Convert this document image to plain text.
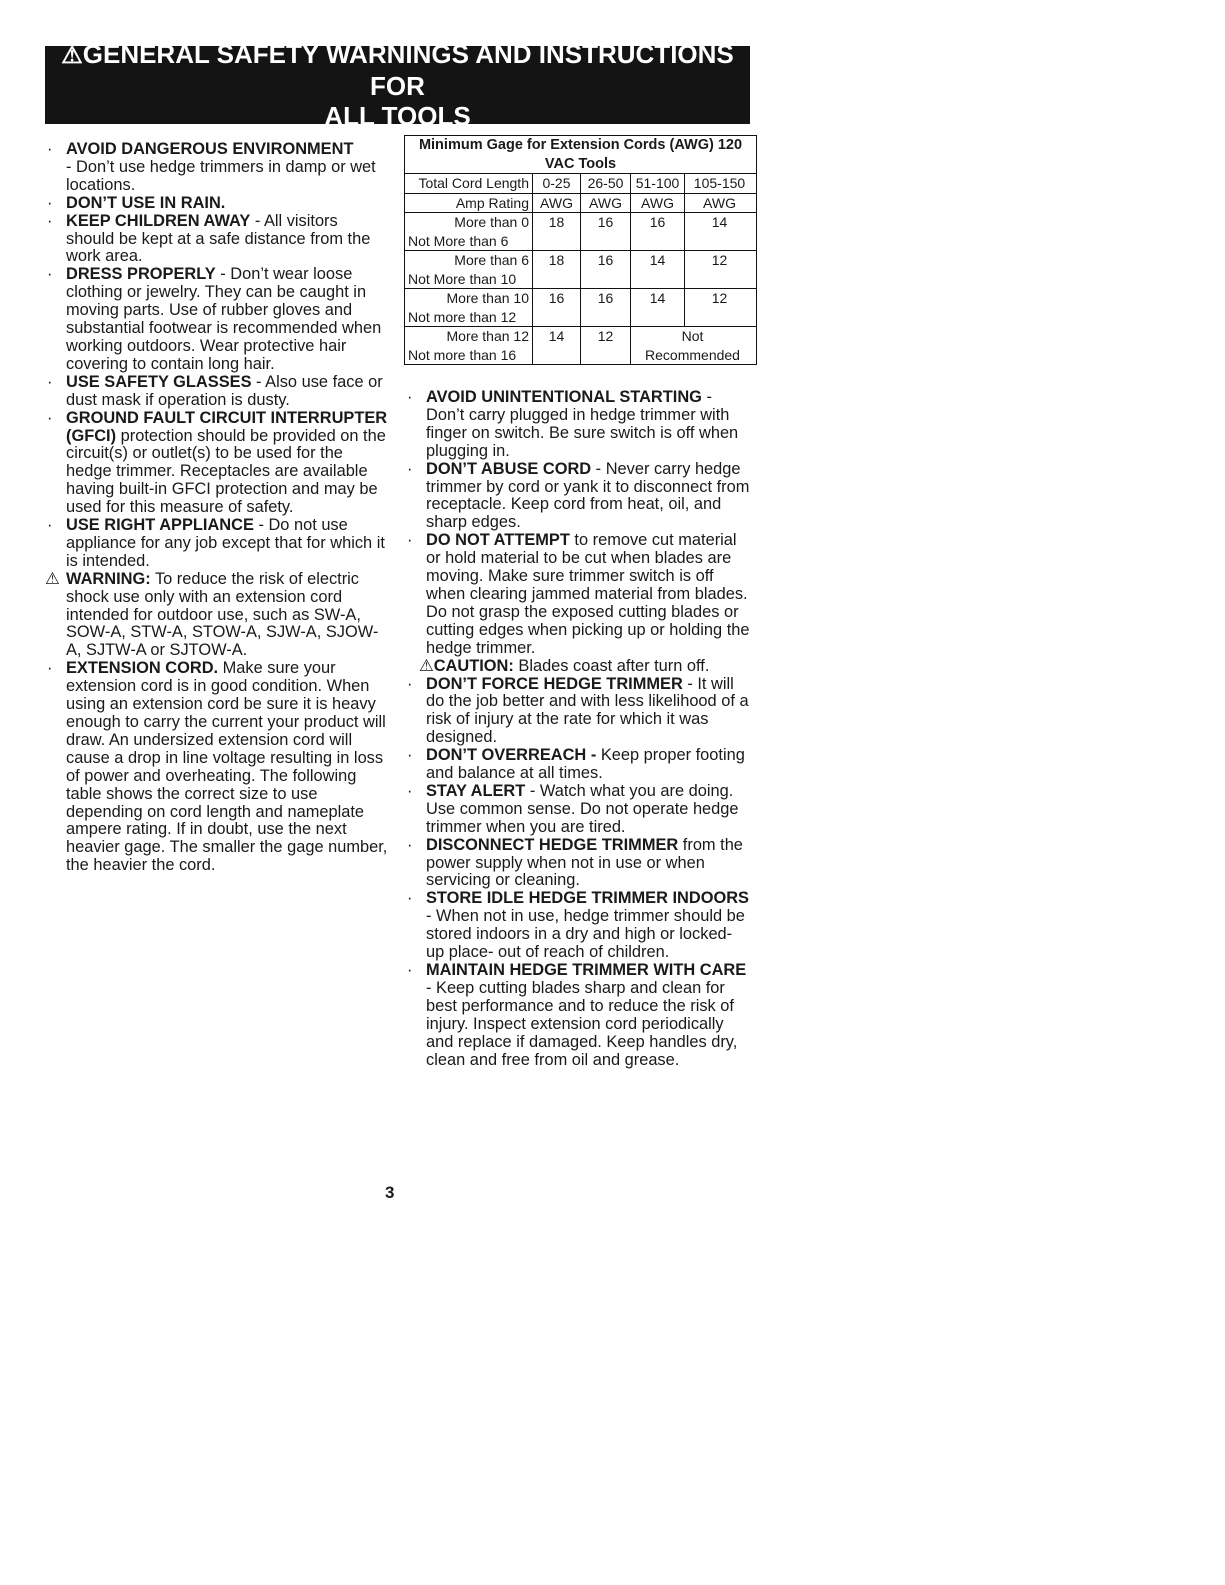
⚠GENERAL SAFETY WARNINGS AND INSTRUCTIONS FOR
ALL TOOLS
· AVOID DANGEROUS ENVIRONMENT
- Don’t use hedge trimmers in damp or wet locations.
· DON’T USE IN RAIN.
· KEEP CHILDREN AWAY - All visitors should be kept at a safe distance from the work area.
· DRESS PROPERLY - Don’t wear loose clothing or jewelry. They can be caught in moving parts. Use of rubber gloves and substantial footwear is recommended when working outdoors. Wear protective hair covering to contain long hair.
· USE SAFETY GLASSES - Also use face or dust mask if operation is dusty.
· GROUND FAULT CIRCUIT INTERRUPTER (GFCI) protection should be provided on the circuit(s) or outlet(s) to be used for the hedge trimmer. Receptacles are available having built-in GFCI protection and may be used for this measure of safety.
· USE RIGHT APPLIANCE - Do not use appliance for any job except that for which it is intended.
⚠ WARNING: To reduce the risk of electric shock use only with an extension cord intended for outdoor use, such as SW-A, SOW-A, STW-A, STOW-A, SJW-A, SJOW-A, SJTW-A or SJTOW-A.
· EXTENSION CORD. Make sure your extension cord is in good condition. When using an extension cord be sure it is heavy enough to carry the current your product will draw. An undersized extension cord will cause a drop in line voltage resulting in loss of power and overheating. The following table shows the correct size to use depending on cord length and nameplate ampere rating. If in doubt, use the next heavier gage. The smaller the gage number, the heavier the cord.
Minimum Gage for Extension Cords (AWG) 120 VAC Tools
Total Cord Length 0-25	26-50 51-100	105-150
Amp Rating AWG	AWG	AWG	AWG
More than 0
Not More than 6
18	16	16	14
More than 6
Not More than 10
18	16	14	12
More than 10
Not more than 12
16	16	14	12
More than 12
Not more than 16
14	12	Not
Recommended
· AVOID UNINTENTIONAL STARTING - Don’t carry plugged in hedge trimmer with finger on switch. Be sure switch is off when plugging in.
· DON’T ABUSE CORD - Never carry hedge trimmer by cord or yank it to disconnect from receptacle. Keep cord from heat, oil, and sharp edges.
· DO NOT ATTEMPT to remove cut material or hold material to be cut when blades are moving. Make sure trimmer switch is off when clearing jammed material from blades. Do not grasp the exposed cutting blades or cutting edges when picking up or holding the hedge trimmer.
⚠CAUTION: Blades coast after turn off.
· DON’T FORCE HEDGE TRIMMER - It will do the job better and with less likelihood of a risk of injury at the rate for which it was designed.
· DON’T OVERREACH - Keep proper footing and balance at all times.
· STAY ALERT - Watch what you are doing. Use common sense. Do not operate hedge trimmer when you are tired.
· DISCONNECT HEDGE TRIMMER from the power supply when not in use or when servicing or cleaning.
· STORE IDLE HEDGE TRIMMER INDOORS - When not in use, hedge trimmer should be stored indoors in a dry and high or locked-up place- out of reach of children.
· MAINTAIN HEDGE TRIMMER WITH CARE - Keep cutting blades sharp and clean for best performance and to reduce the risk of injury. Inspect extension cord periodically and replace if damaged. Keep handles dry, clean and free from oil and grease.
3
